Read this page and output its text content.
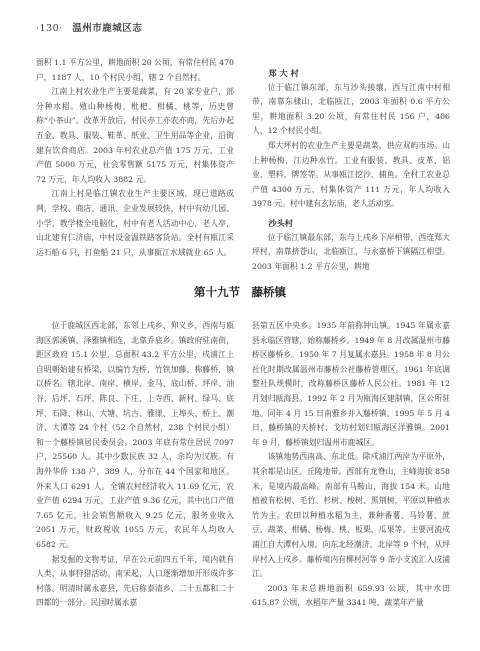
·130· 温州市鹿城区志

面积 1.1 平方公里，耕地面积 20 公顷，有常住村民 470 户，1187 人，10 个村民小组，辖 2 个自然村。

江南上村农业生产主要是蔬菜，有 20 家专业户，部分种水稻。殖山种杨梅、枇杷、柑橘、桃等，历史曾称“小茶山”。改革开放后，村民亦工亦农亦商，先后办起五金、教具、服装、鞋革、纸业、卫生用品等企业，沿街建有饮食商店。2003 年村农业总产值 175 万元，工业产值 5000 万元，社会零售额 5175 万元，村集体资产 72 万元，年人均收入 3882 元。

江南上村是临江镇农业生产主要区域，现已道路成网，学校、商店、通讯、企业发展较快，村中有幼儿园、小学，教学楼全电脑化，村中有老人活动中心，老人亭，山北建有仁济庙，中村设金温铁路客货站。全村有瓯江采运石船 6 只，打鱼船 21 只，从事瓯江水域就业 65 人。

郑 大 村

位于临江镇东部，东与沙头接壤，西与江南中村相带，南靠东棣山，北临瓯江，2003 年面积 0.6 平方公里，耕地面积 3.20 公顷，有常住村民 156 户，406 人，12 个村民小组。

郑大坪村的农业生产主要是蔬菜，供应双屿市场。山上种杨梅，江边种水竹。工业有服装、教具、皮革、铝业、塑料、牌签等。从事瓯江挖沙、捕鱼。全村工农业总产值 4300 万元，村集体资产 111 万元，年人均收入 3978 元。村中建有玄坛庙，老人活动室。

沙头村

位于临江镇最东部，东与上戍乡下岸相带，西连郑大坪村，南靠挤苍山，北临瓯江，与永嘉桥下镇隔江相望。2003 年面积 1.2 平方公里，耕地

第十九节　藤桥镇

位于鹿城区西北部，东邻上戍乡、仰义乡，西南与瓯海区郭溪镇、泽雅镇相连，北靠乔底乡。镇政府驻南街，距区政府 15.1 公里，总面积 43.2 平方公里，戍浦江上自明朝始建有桥梁，以编竹为桥，竹铁加藤，称藤桥，镇以桥名。辖北岸、南岸、横岸、金马、底山桥、坪岸、油谷、后坪、石坪、陈良、下庄、上寺西、新村、绿马、底坪、石降、林山、大塘、坑古、雅漾、上埠头、桥上、潮济、大潭等 24 个村（52 个自然村，238 个村民小组）和一个藤桥镇居民委员会。2003 年底有常住居民 7097 户，25560 人。其中少数民族 32 人，余均为汉族。有海外华侨 138 户，389 人，分布在 44 个国家和地区。外来人口 6291 人。全镇农村经济收入 11.69 亿元，农业产值 6294 万元，工业产值 9.36 亿元，其中出口产值 7.65 亿元，社会销售额收入 9.25 亿元，服务业收入 2051 万元，财政税收 1055 万元，农民年人均收入 6582 元。

据发掘的文物考证，早在公元前四五千年，境内就有人类，从事狩猎活动。南宋起，人口逐渐增加开形成许多村落。明清时属永嘉县，先后称泰清乡、二十五都和二十四都的一部分。民国时属永嘉

县第五区中央乡。1935 年前称钟山镇。1945 年属永嘉县永临区管辖，始称藤桥乡。1949 年 8 月改属温州市藤桥区藤桥乡。1950 年 7 月复属永嘉县。1958 年 8 月公社化时期改属温州市藤桥公社藤桥管理区。1961 年底调整社队规模时，改称藤桥区藤桥人民公社。1981 年 12 月划归瓯海县。1992 年 2 月为瓯海区建制镇，区公所驻地。同年 4 月 15 日南雅乡并入藤桥镇。1995 年 5 月 4 日，藤桥镇的天桥村、戈坊村划归瓯海区洋雅镇。2001 年 9 月，藤桥镇划归温州市鹿城区。

该镇地势西南高、东北低。除戍浦江两岸为平原外，其余都是山区、丘陵地带。西部有龙脊山，主峰海拔 858 米，是境内最高峰。南部有马鞍山，海拔 154 米。山地植被有松树、毛竹、杉树、梭树、黑荆树，平原以种植水竹为主。农田以种植水稻为主，兼种番薯、马铃薯、蔗豆、蔬菜、柑橘、杨梅、桃、板栗、瓜果等。主要河流戍浦江自大潭村入境，向东北经潮济、北岸等 9 个村，从坪岸村入上戍乡。藤桥境内有柳村河等 9 条小支流汇入戍浦江。

2003 年末总耕地面积 659.93 公顷，其中水田 615.87 公顷，水稻年产量 3341 吨，蔬菜年产量
